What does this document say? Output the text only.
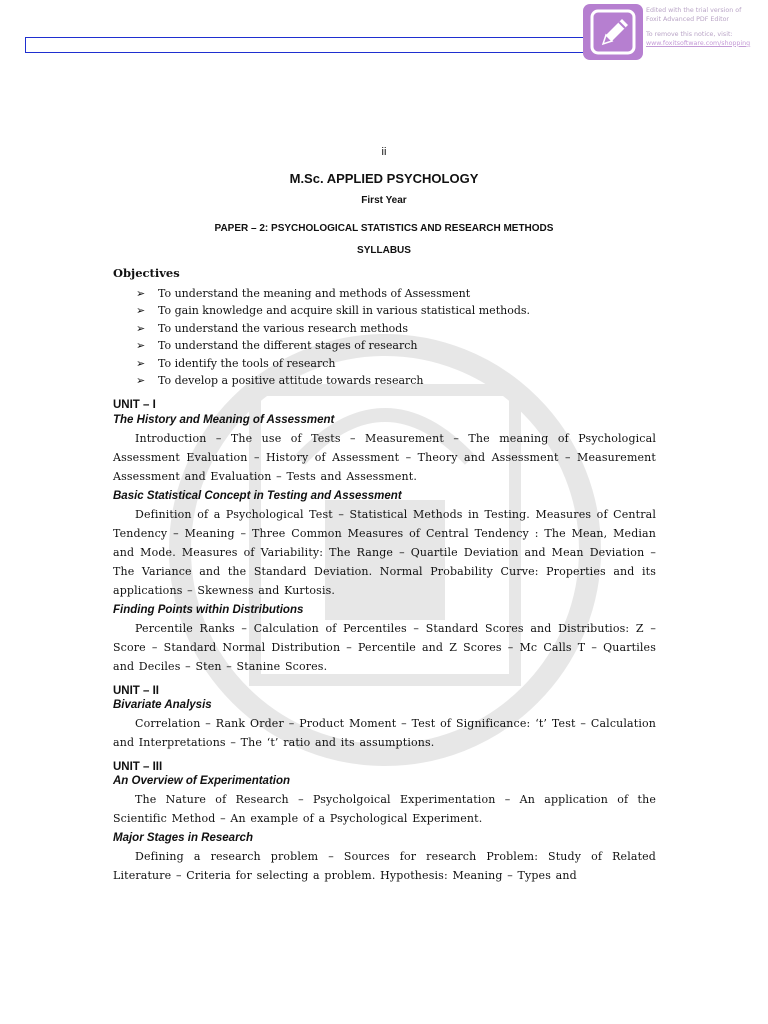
Edited with the trial version of
Foxit Advanced PDF Editor
To remove this notice, visit:
www.foxitsoftware.com/shopping
ii
M.Sc. APPLIED PSYCHOLOGY
First Year
PAPER – 2: PSYCHOLOGICAL STATISTICS AND RESEARCH METHODS
SYLLABUS
Objectives
➢ To understand the meaning and methods of Assessment
➢ To gain knowledge and acquire skill in various statistical methods.
➢ To understand the various research methods
➢ To understand the different stages of research
➢ To identify the tools of research
➢ To develop a positive attitude towards research
UNIT – I
The History and Meaning of Assessment

Introduction – The use of Tests – Measurement – The meaning of Psychological Assessment Evaluation – History of Assessment – Theory and Assessment – Measurement Assessment and Evaluation – Tests and Assessment.

Basic Statistical Concept in Testing and Assessment

Definition of a Psychological Test – Statistical Methods in Testing. Measures of Central Tendency – Meaning – Three Common Measures of Central Tendency : The Mean, Median and Mode. Measures of Variability: The Range – Quartile Deviation and Mean Deviation – The Variance and the Standard Deviation. Normal Probability Curve: Properties and its applications – Skewness and Kurtosis.

Finding Points within Distributions

Percentile Ranks – Calculation of Percentiles – Standard Scores and Distributios: Z – Score – Standard Normal Distribution – Percentile and Z Scores – Mc Calls T – Quartiles and Deciles – Sten – Stanine Scores.

UNIT – II
Bivariate Analysis

Correlation – Rank Order – Product Moment – Test of Significance: ‘t’ Test – Calculation and Interpretations – The ‘t’ ratio and its assumptions.

UNIT – III
An Overview of Experimentation

The Nature of Research – Psycholgoical Experimentation – An application of the Scientific Method – An example of a Psychological Experiment.

Major Stages in Research

Defining a research problem – Sources for research Problem: Study of Related Literature – Criteria for selecting a problem. Hypothesis: Meaning – Types and
